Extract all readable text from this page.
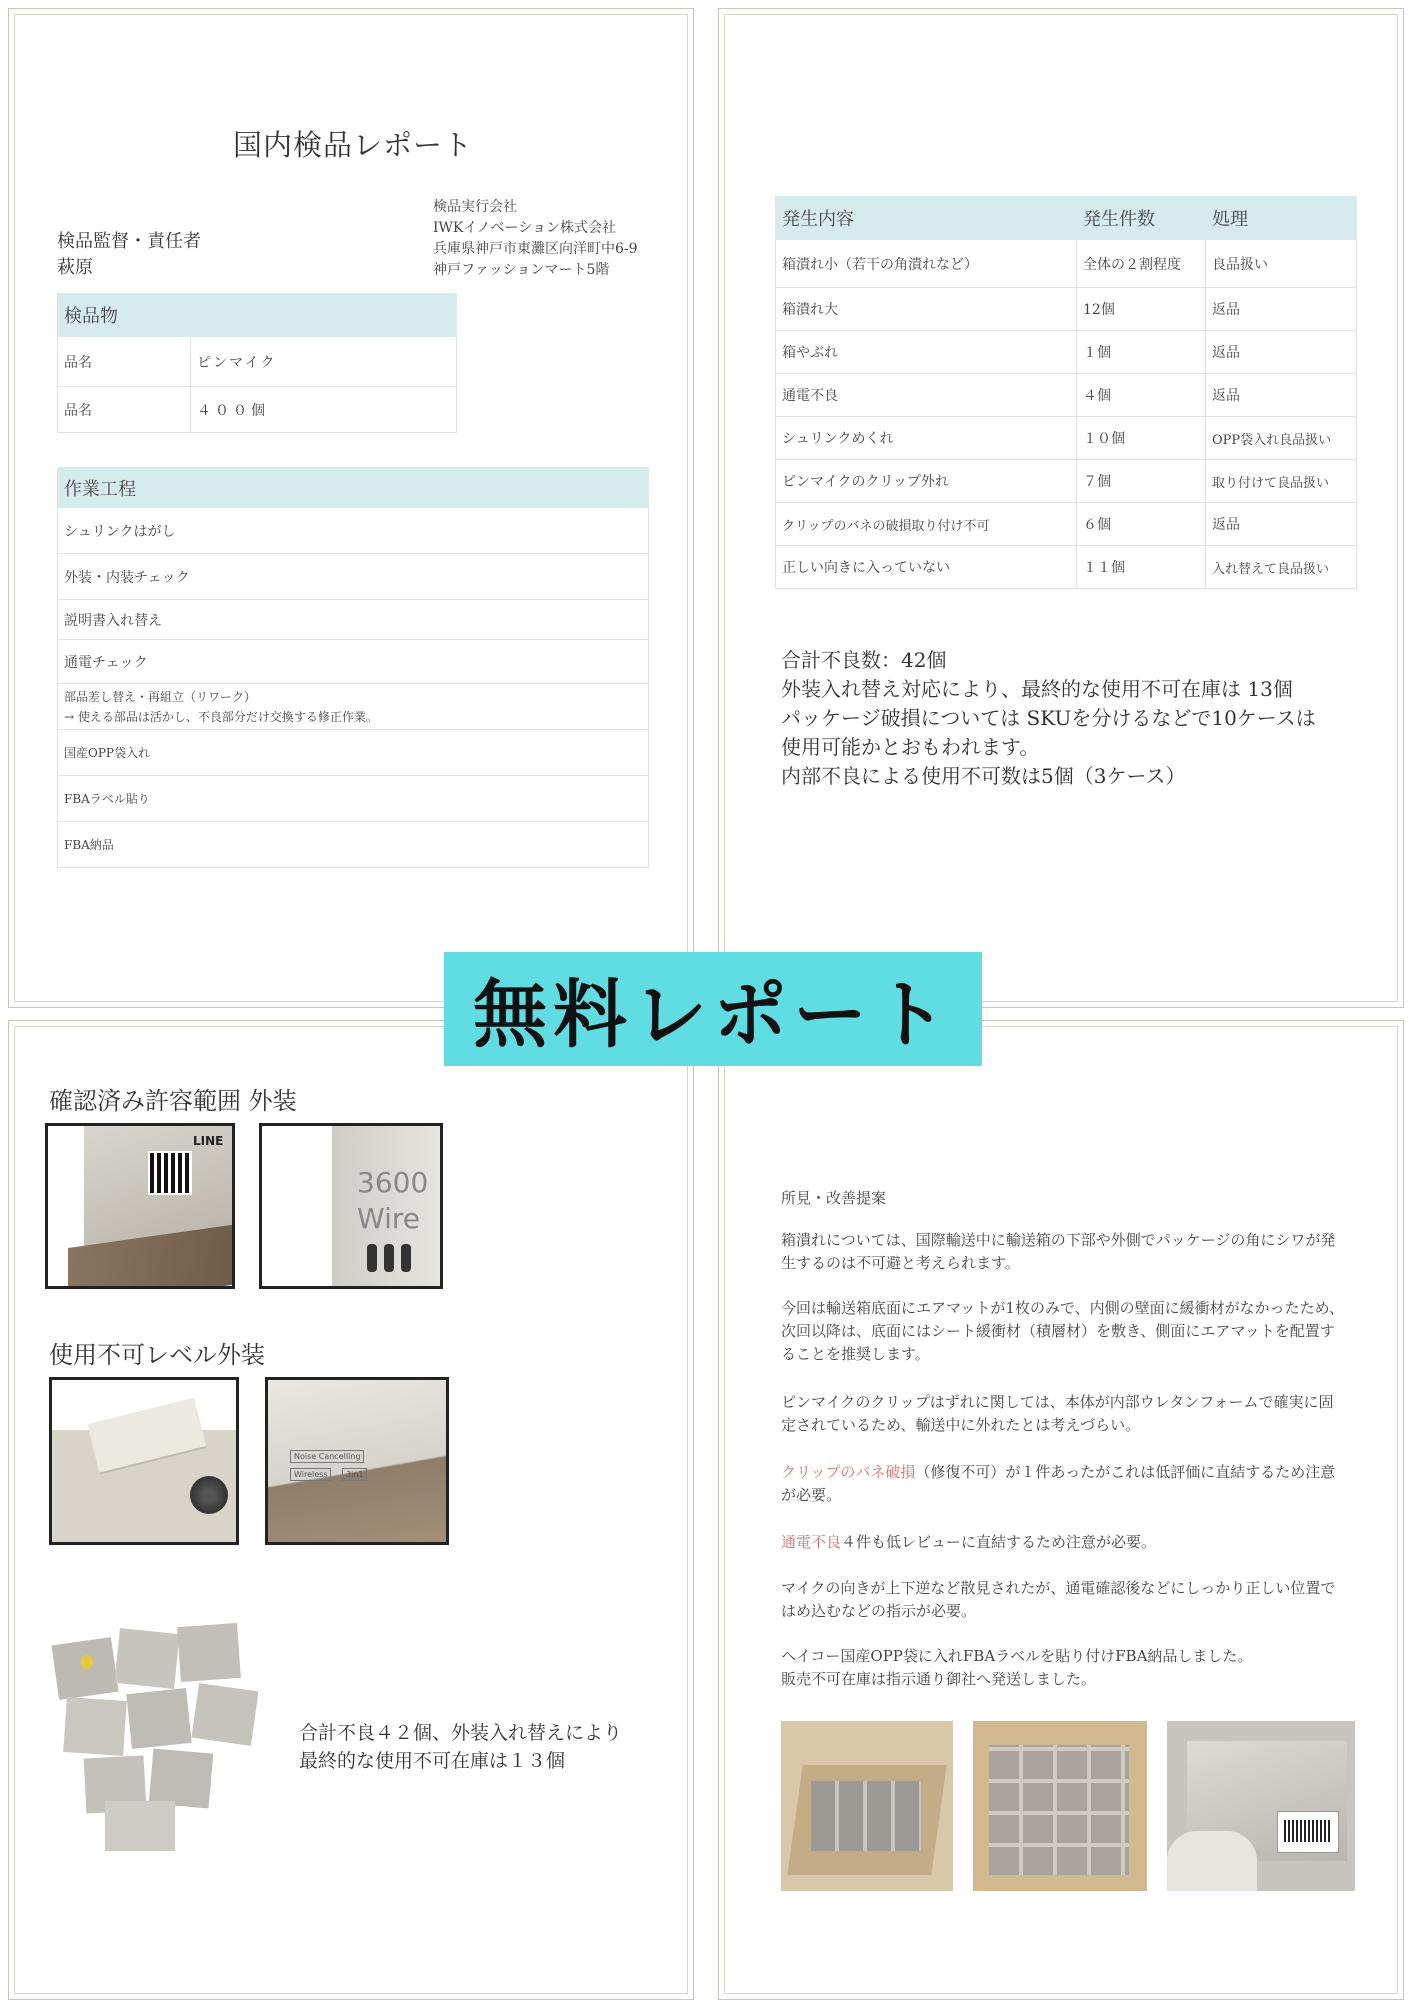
国内検品レポート
検品監督・責任者
萩原
検品実行会社
IWKイノベーション株式会社
兵庫県神戸市東灘区向洋町中6-9
神戸ファッションマート5階
検品物	
品名	ピンマイク
品名	４００個
作業工程
シュリンクはがし
外装・内装チェック
説明書入れ替え
通電チェック

部品差し替え・再組立（リワーク）
→ 使える部品は活かし、不良部分だけ交換する修正作業。

国産OPP袋入れ
FBAラベル貼り
FBA納品
発生内容	発生件数	処理
箱潰れ小（若干の角潰れなど）	全体の２割程度	良品扱い
箱潰れ大	12個	返品
箱やぶれ	１個	返品
通電不良	４個	返品
シュリンクめくれ	１０個	OPP袋入れ良品扱い
ピンマイクのクリップ外れ	７個	取り付けて良品扱い
クリップのバネの破損取り付け不可	６個	返品
正しい向きに入っていない	１１個	入れ替えて良品扱い
合計不良数：42個
外装入れ替え対応により、最終的な使用不可在庫は 13個
パッケージ破損については SKUを分けるなどで10ケースは
使用可能かとおもわれます。
内部不良による使用不可数は5個（3ケース）
確認済み許容範囲 外装
LINE
3600
Wire
使用不可レベル外装
Noise Cancelling
Wireless	3in1
合計不良４２個、外装入れ替えにより
最終的な使用不可在庫は１３個
所見・改善提案
箱潰れについては、国際輸送中に輸送箱の下部や外側でパッケージの角にシワが発生するのは不可避と考えられます。
今回は輸送箱底面にエアマットが1枚のみで、内側の壁面に緩衝材がなかったため、次回以降は、底面にはシート緩衝材（積層材）を敷き、側面にエアマットを配置することを推奨します。
ピンマイクのクリップはずれに関しては、本体が内部ウレタンフォームで確実に固定されているため、輸送中に外れたとは考えづらい。
クリップのバネ破損（修復不可）が１件あったがこれは低評価に直結するため注意が必要。
通電不良４件も低レビューに直結するため注意が必要。
マイクの向きが上下逆など散見されたが、通電確認後などにしっかり正しい位置ではめ込むなどの指示が必要。
ヘイコー国産OPP袋に入れFBAラベルを貼り付けFBA納品しました。
販売不可在庫は指示通り御社へ発送しました。
無料レポート
